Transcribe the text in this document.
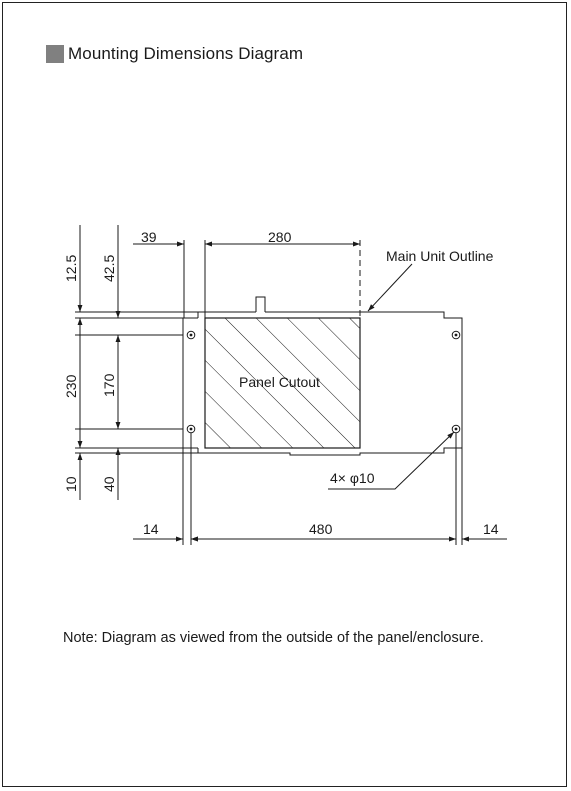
Mounting Dimensions Diagram
39	280
14	480	14
12.5 42.5
230 170
10 40
Main Unit Outline
Panel Cutout
4× φ10
Note: Diagram as viewed from the outside of the panel/enclosure.
